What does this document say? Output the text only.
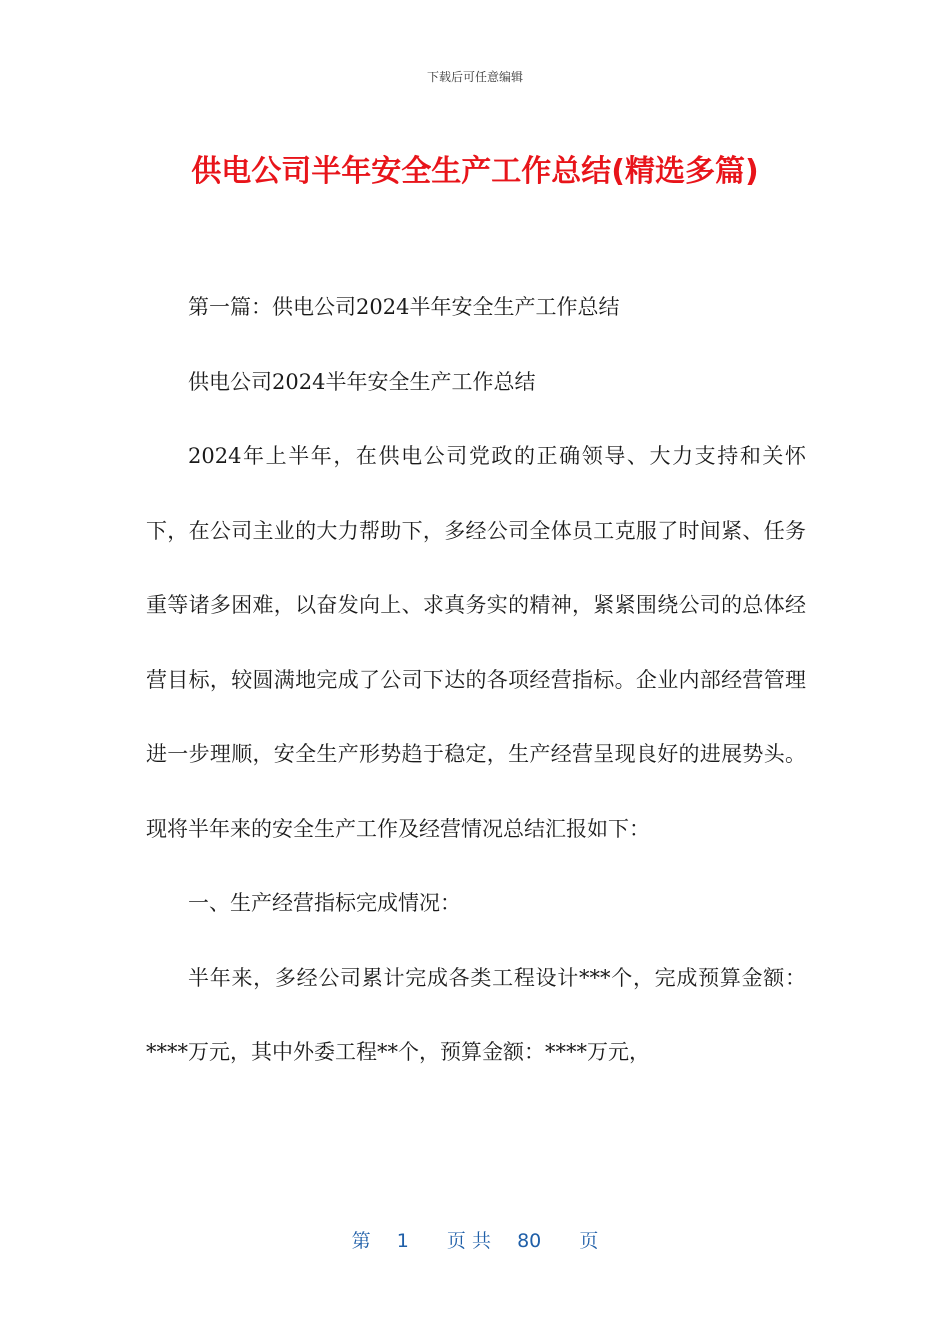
下载后可任意编辑
供电公司半年安全生产工作总结(精选多篇)

第一篇：供电公司2024半年安全生产工作总结

供电公司2024半年安全生产工作总结

2024年上半年，在供电公司党政的正确领导、大力支持和关怀下，在公司主业的大力帮助下，多经公司全体员工克服了时间紧、任务重等诸多困难，以奋发向上、求真务实的精神，紧紧围绕公司的总体经营目标，较圆满地完成了公司下达的各项经营指标。企业内部经营管理进一步理顺，安全生产形势趋于稳定，生产经营呈现良好的进展势头。现将半年来的安全生产工作及经营情况总结汇报如下：

一、生产经营指标完成情况：

半年来，多经公司累计完成各类工程设计***个，完成预算金额：****万元，其中外委工程**个，预算金额：****万元，

第 1 页 共 80 页
